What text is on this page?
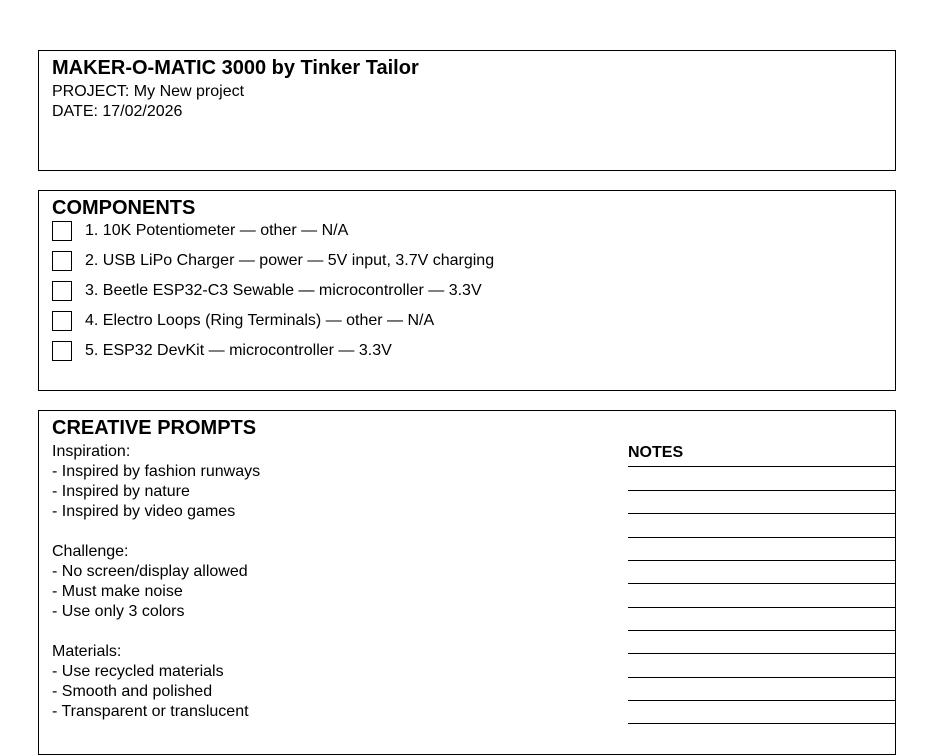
MAKER-O-MATIC 3000 by Tinker Tailor
PROJECT: My New project
DATE: 17/02/2026
COMPONENTS
1. 10K Potentiometer — other — N/A
2. USB LiPo Charger — power — 5V input, 3.7V charging
3. Beetle ESP32-C3 Sewable — microcontroller — 3.3V
4. Electro Loops (Ring Terminals) — other — N/A
5. ESP32 DevKit — microcontroller — 3.3V
CREATIVE PROMPTS
Inspiration:
- Inspired by fashion runways
- Inspired by nature
- Inspired by video games
Challenge:
- No screen/display allowed
- Must make noise
- Use only 3 colors
Materials:
- Use recycled materials
- Smooth and polished
- Transparent or translucent
NOTES
